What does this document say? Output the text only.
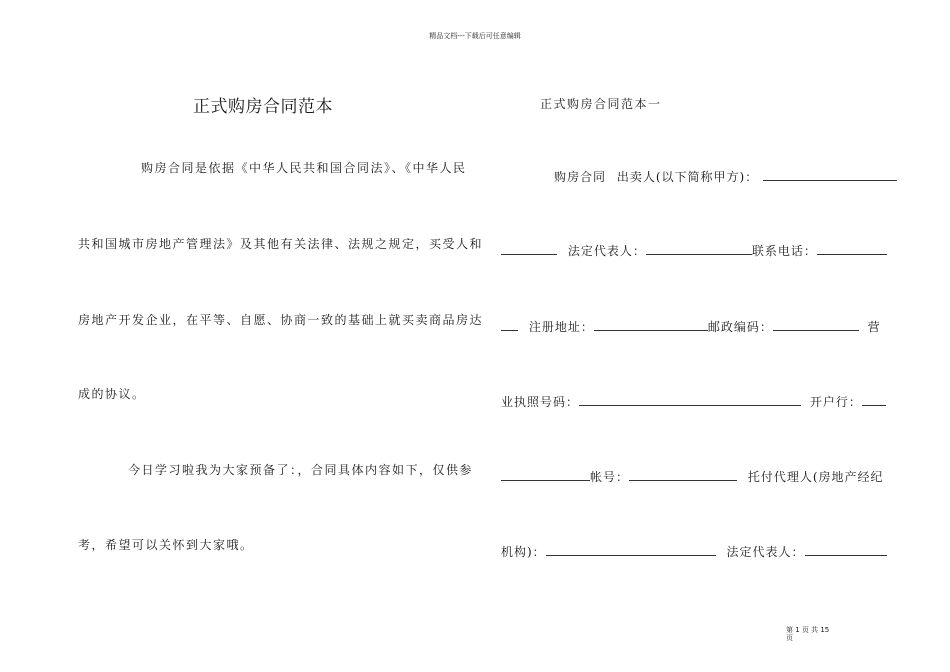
精品文档---下载后可任意编辑
正式购房合同范本
购房合同是依据《中华人民共和国合同法》、《中华人民
共和国城市房地产管理法》及其他有关法律、法规之规定，买受人和
房地产开发企业，在平等、自愿、协商一致的基础上就买卖商品房达
成的协议。
今日学习啦我为大家预备了：，合同具体内容如下，仅供参
考，希望可以关怀到大家哦。
正式购房合同范本一
购房合同 出卖人(以下简称甲方)：
法定代表人：	联系电话：
注册地址：	邮政编码：	营
业执照号码：	开户行：
帐号：	托付代理人(房地产经纪
机构)：	法定代表人：
第 1 页 共 15
页
